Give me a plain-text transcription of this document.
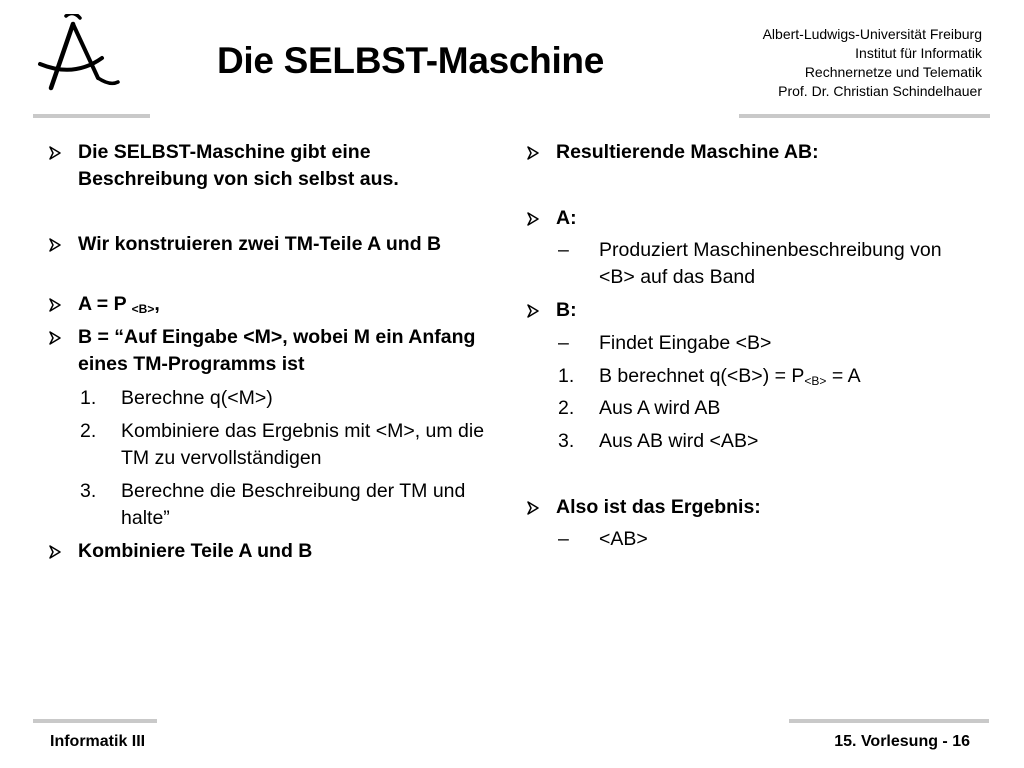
Die SELBST-Maschine
Albert-Ludwigs-Universität Freiburg
Institut für Informatik
Rechnernetze und Telematik
Prof. Dr. Christian Schindelhauer
Die SELBST-Maschine gibt eine Beschreibung von sich selbst aus.
Wir konstruieren zwei TM-Teile A und B
A = P $_{<B>}$,
B = “Auf Eingabe <M>, wobei M ein Anfang eines TM-Programms ist
1.	Berechne q(<M>)
2.	Kombiniere das Ergebnis mit <M>, um die TM zu vervollständigen
3.	Berechne die Beschreibung der TM und halte”
Kombiniere Teile A und B
Resultierende Maschine AB:
A:
–	Produziert Maschinenbeschreibung von <B> auf das Band
B:
–	Findet Eingabe <B>
1.	B berechnet $q(<B>) = P_{<B>} = A$
2.	Aus A wird AB
3.	Aus AB wird <AB>
Also ist das Ergebnis:
–	<AB>
Informatik III	15. Vorlesung - 16
